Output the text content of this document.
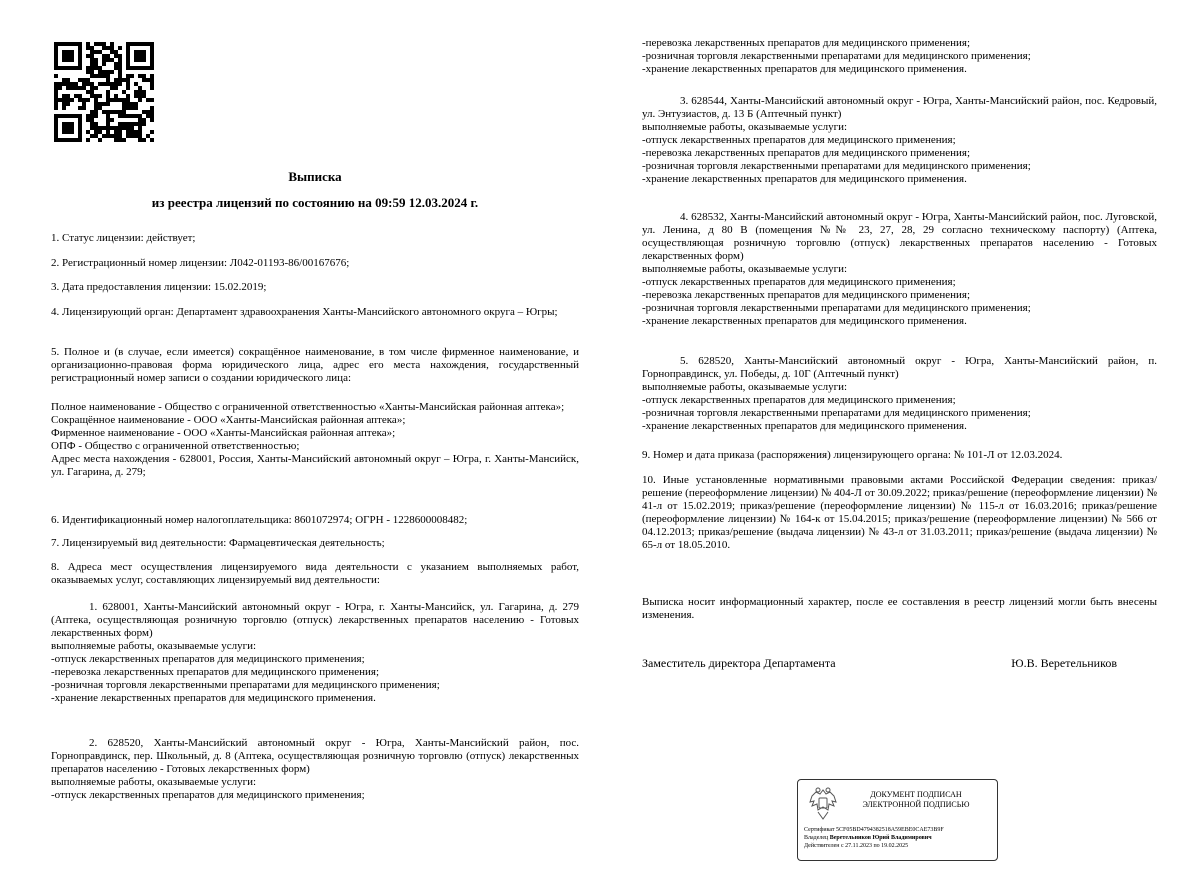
Выписка
из реестра лицензий по состоянию на 09:59 12.03.2024 г.

1. Статус лицензии: действует;

2. Регистрационный номер лицензии: Л042-01193-86/00167676;

3. Дата предоставления лицензии: 15.02.2019;

4. Лицензирующий орган: Департамент здравоохранения Ханты-Мансийского автономного округа – Югры;

5. Полное и (в случае, если имеется) сокращённое наименование, в том числе фирменное наименование, и организационно-правовая форма юридического лица, адрес его места нахождения, государственный регистрационный номер записи о создании юридического лица:

Полное наименование - Общество с ограниченной ответственностью «Ханты-Мансийская районная аптека»;

Сокращённое наименование - ООО «Ханты-Мансийская районная аптека»;

Фирменное наименование - ООО «Ханты-Мансийская районная аптека»;

ОПФ - Общество с ограниченной ответственностью;

Адрес места нахождения - 628001, Россия, Ханты-Мансийский автономный округ – Югра, г. Ханты-Мансийск, ул. Гагарина, д. 279;

6. Идентификационный номер налогоплательщика: 8601072974; ОГРН - 1228600008482;

7. Лицензируемый вид деятельности: Фармацевтическая деятельность;

8. Адреса мест осуществления лицензируемого вида деятельности с указанием выполняемых работ, оказываемых услуг, составляющих лицензируемый вид деятельности:

1. 628001, Ханты-Мансийский автономный округ - Югра, г. Ханты-Мансийск, ул. Гагарина, д. 279 (Аптека, осуществляющая розничную торговлю (отпуск) лекарственных препаратов населению - Готовых лекарственных форм)

выполняемые работы, оказываемые услуги:
-отпуск лекарственных препаратов для медицинского применения;
-перевозка лекарственных препаратов для медицинского применения;
-розничная торговля лекарственными препаратами для медицинского применения;
-хранение лекарственных препаратов для медицинского применения.

2. 628520, Ханты-Мансийский автономный округ - Югра, Ханты-Мансийский район, пос. Горноправдинск, пер. Школьный, д. 8 (Аптека, осуществляющая розничную торговлю (отпуск) лекарственных препаратов населению - Готовых лекарственных форм)

выполняемые работы, оказываемые услуги:
-отпуск лекарственных препаратов для медицинского применения;
-перевозка лекарственных препаратов для медицинского применения;
-розничная торговля лекарственными препаратами для медицинского применения;
-хранение лекарственных препаратов для медицинского применения.

3. 628544, Ханты-Мансийский автономный округ - Югра, Ханты-Мансийский район, пос. Кедровый, ул. Энтузиастов, д. 13 Б (Аптечный пункт)

выполняемые работы, оказываемые услуги:
-отпуск лекарственных препаратов для медицинского применения;
-перевозка лекарственных препаратов для медицинского применения;
-розничная торговля лекарственными препаратами для медицинского применения;
-хранение лекарственных препаратов для медицинского применения.

4. 628532, Ханты-Мансийский автономный округ - Югра, Ханты-Мансийский район, пос. Луговской, ул. Ленина, д 80 В (помещения №№ 23, 27, 28, 29 согласно техническому паспорту) (Аптека, осуществляющая розничную торговлю (отпуск) лекарственных препаратов населению - Готовых лекарственных форм)

выполняемые работы, оказываемые услуги:
-отпуск лекарственных препаратов для медицинского применения;
-перевозка лекарственных препаратов для медицинского применения;
-розничная торговля лекарственными препаратами для медицинского применения;
-хранение лекарственных препаратов для медицинского применения.

5. 628520, Ханты-Мансийский автономный округ - Югра, Ханты-Мансийский район, п. Горноправдинск, ул. Победы, д. 10Г (Аптечный пункт)

выполняемые работы, оказываемые услуги:
-отпуск лекарственных препаратов для медицинского применения;
-розничная торговля лекарственными препаратами для медицинского применения;
-хранение лекарственных препаратов для медицинского применения.

9. Номер и дата приказа (распоряжения) лицензирующего органа: № 101-Л от 12.03.2024.

10. Иные установленные нормативными правовыми актами Российской Федерации сведения: приказ/решение (переоформление лицензии) № 404-Л от 30.09.2022; приказ/решение (переоформление лицензии) № 41-л от 15.02.2019; приказ/решение (переоформление лицензии) № 115-л от 16.03.2016; приказ/решение (переоформление лицензии) № 164-к от 15.04.2015; приказ/решение (переоформление лицензии) № 566 от 04.12.2013; приказ/решение (выдача лицензии) № 43-л от 31.03.2011; приказ/решение (выдача лицензии) № 65-л от 18.05.2010.

Выписка носит информационный характер, после ее составления в реестр лицензий могли быть внесены изменения.

Заместитель директора Департамента	Ю.В. Веретельников
ДОКУМЕНТ ПОДПИСАН
ЭЛЕКТРОННОЙ ПОДПИСЬЮ
Сертификат 5CF05BD4794382518A59EBE0CAE73B9F
Владелец Веретельников Юрий Владимирович
Действителен с 27.11.2023 по 19.02.2025
